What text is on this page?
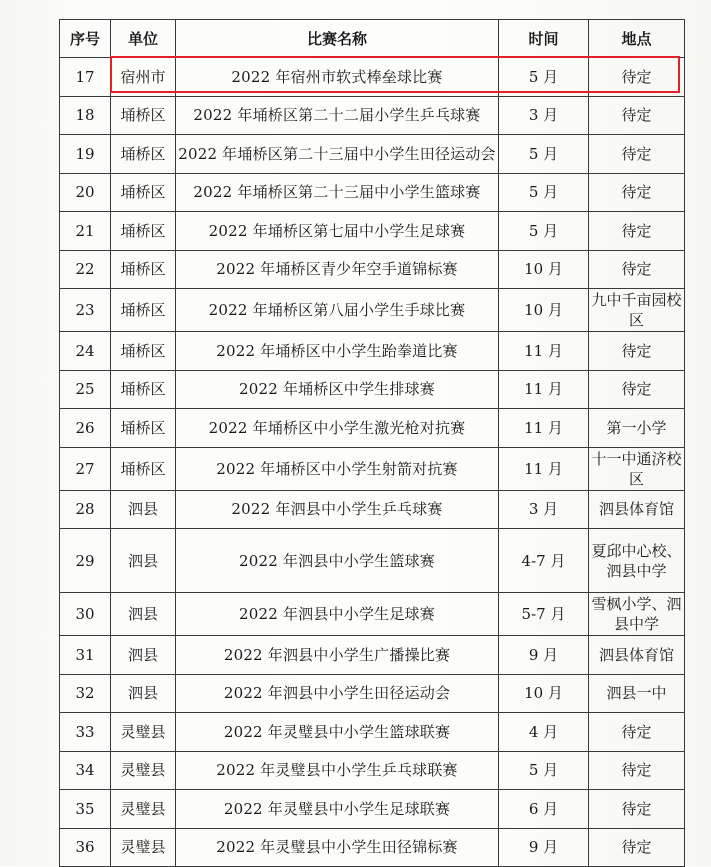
序号	单位	比赛名称	时间	地点
17	宿州市	2022 年宿州市软式棒垒球比赛	5 月	待定
18	埇桥区	2022 年埇桥区第二十二届小学生乒乓球赛	3 月	待定
19	埇桥区	2022 年埇桥区第二十三届中小学生田径运动会	5 月	待定
20	埇桥区	2022 年埇桥区第二十三届中小学生篮球赛	5 月	待定
21	埇桥区	2022 年埇桥区第七届中小学生足球赛	5 月	待定
22	埇桥区	2022 年埇桥区青少年空手道锦标赛	10 月	待定
23	埇桥区	2022 年埇桥区第八届小学生手球比赛	10 月	九中千亩园校区
24	埇桥区	2022 年埇桥区中小学生跆拳道比赛	11 月	待定
25	埇桥区	2022 年埇桥区中学生排球赛	11 月	待定
26	埇桥区	2022 年埇桥区中小学生激光枪对抗赛	11 月	第一小学
27	埇桥区	2022 年埇桥区中小学生射箭对抗赛	11 月	十一中通济校区
28	泗县	2022 年泗县中小学生乒乓球赛	3 月	泗县体育馆
29	泗县	2022 年泗县中小学生篮球赛	4-7 月	夏邱中心校、泗县中学
30	泗县	2022 年泗县中小学生足球赛	5-7 月	雪枫小学、泗县中学
31	泗县	2022 年泗县中小学生广播操比赛	9 月	泗县体育馆
32	泗县	2022 年泗县中小学生田径运动会	10 月	泗县一中
33	灵璧县	2022 年灵璧县中小学生篮球联赛	4 月	待定
34	灵璧县	2022 年灵璧县中小学生乒乓球联赛	5 月	待定
35	灵璧县	2022 年灵璧县中小学生足球联赛	6 月	待定
36	灵璧县	2022 年灵璧县中小学生田径锦标赛	9 月	待定
